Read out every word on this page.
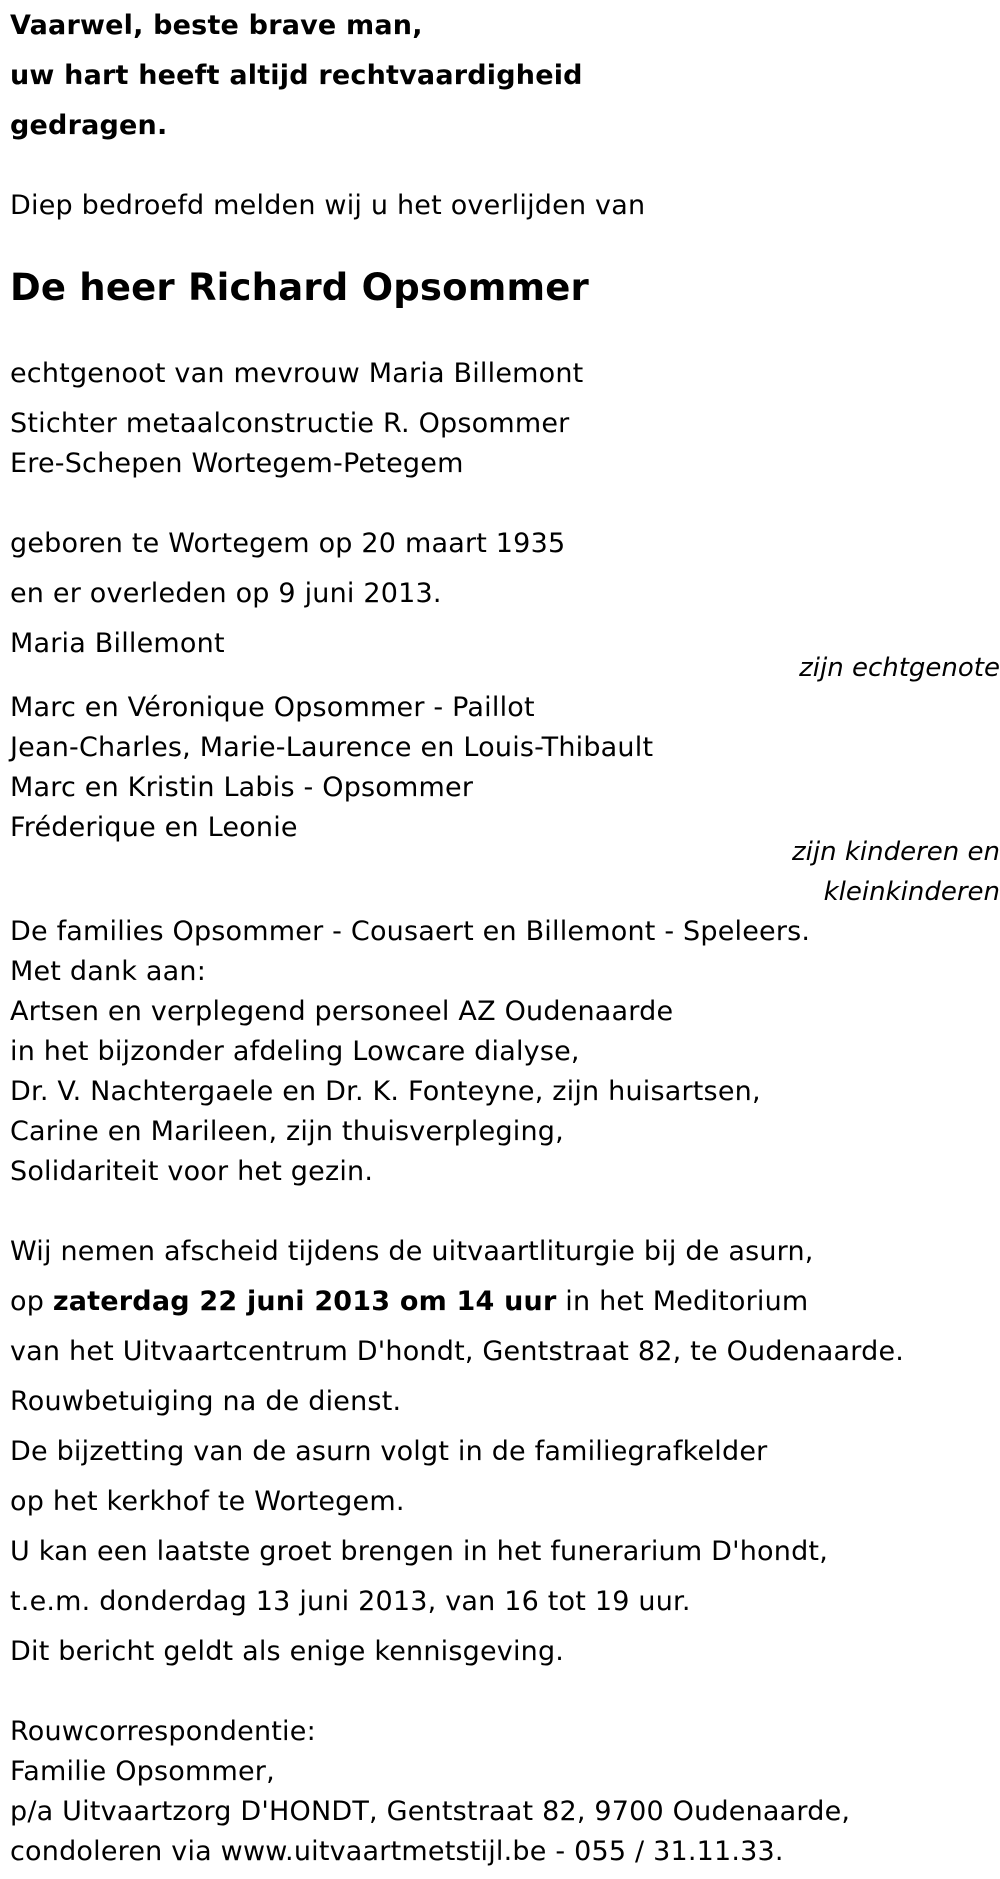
Vaarwel, beste brave man,
uw hart heeft altijd rechtvaardigheid
gedragen.
Diep bedroefd melden wij u het overlijden van
De heer Richard Opsommer
echtgenoot van mevrouw Maria Billemont
Stichter metaalconstructie R. Opsommer
Ere-Schepen Wortegem-Petegem
geboren te Wortegem op 20 maart 1935
en er overleden op 9 juni 2013.
Maria Billemont
zijn echtgenote
Marc en Véronique Opsommer - Paillot
Jean-Charles, Marie-Laurence en Louis-Thibault
Marc en Kristin Labis - Opsommer
Fréderique en Leonie
zijn kinderen en
kleinkinderen
De families Opsommer - Cousaert en Billemont - Speleers.
Met dank aan:
Artsen en verplegend personeel AZ Oudenaarde
in het bijzonder afdeling Lowcare dialyse,
Dr. V. Nachtergaele en Dr. K. Fonteyne, zijn huisartsen,
Carine en Marileen, zijn thuisverpleging,
Solidariteit voor het gezin.
Wij nemen afscheid tijdens de uitvaartliturgie bij de asurn,
op zaterdag 22 juni 2013 om 14 uur in het Meditorium
van het Uitvaartcentrum D'hondt, Gentstraat 82, te Oudenaarde.
Rouwbetuiging na de dienst.
De bijzetting van de asurn volgt in de familiegrafkelder
op het kerkhof te Wortegem.
U kan een laatste groet brengen in het funerarium D'hondt,
t.e.m. donderdag 13 juni 2013, van 16 tot 19 uur.
Dit bericht geldt als enige kennisgeving.
Rouwcorrespondentie:
Familie Opsommer,
p/a Uitvaartzorg D'HONDT, Gentstraat 82, 9700 Oudenaarde,
condoleren via www.uitvaartmetstijl.be - 055 / 31.11.33.
